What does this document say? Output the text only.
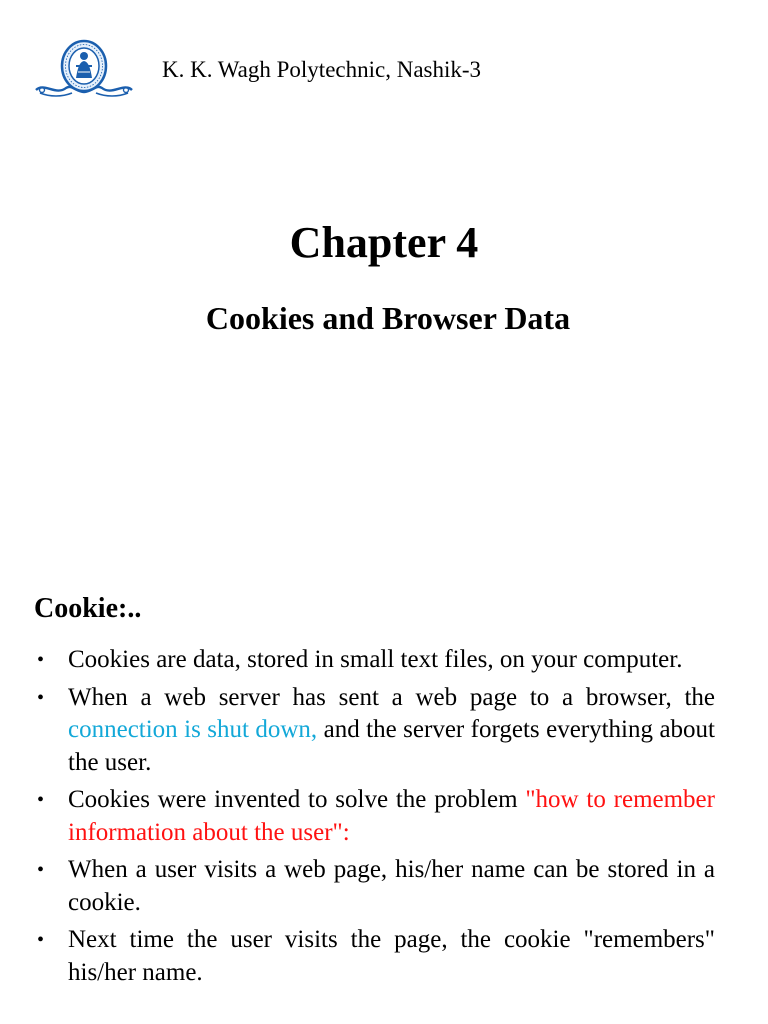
K. K. Wagh Polytechnic, Nashik-3
Chapter 4
Cookies and Browser Data
Cookie:..
• Cookies are data, stored in small text files, on your computer.
• When a web server has sent a web page to a browser, the connection is shut down, and the server forgets everything about the user.
• Cookies were invented to solve the problem "how to remember information about the user":
• When a user visits a web page, his/her name can be stored in a cookie.
• Next time the user visits the page, the cookie "remembers" his/her name.
